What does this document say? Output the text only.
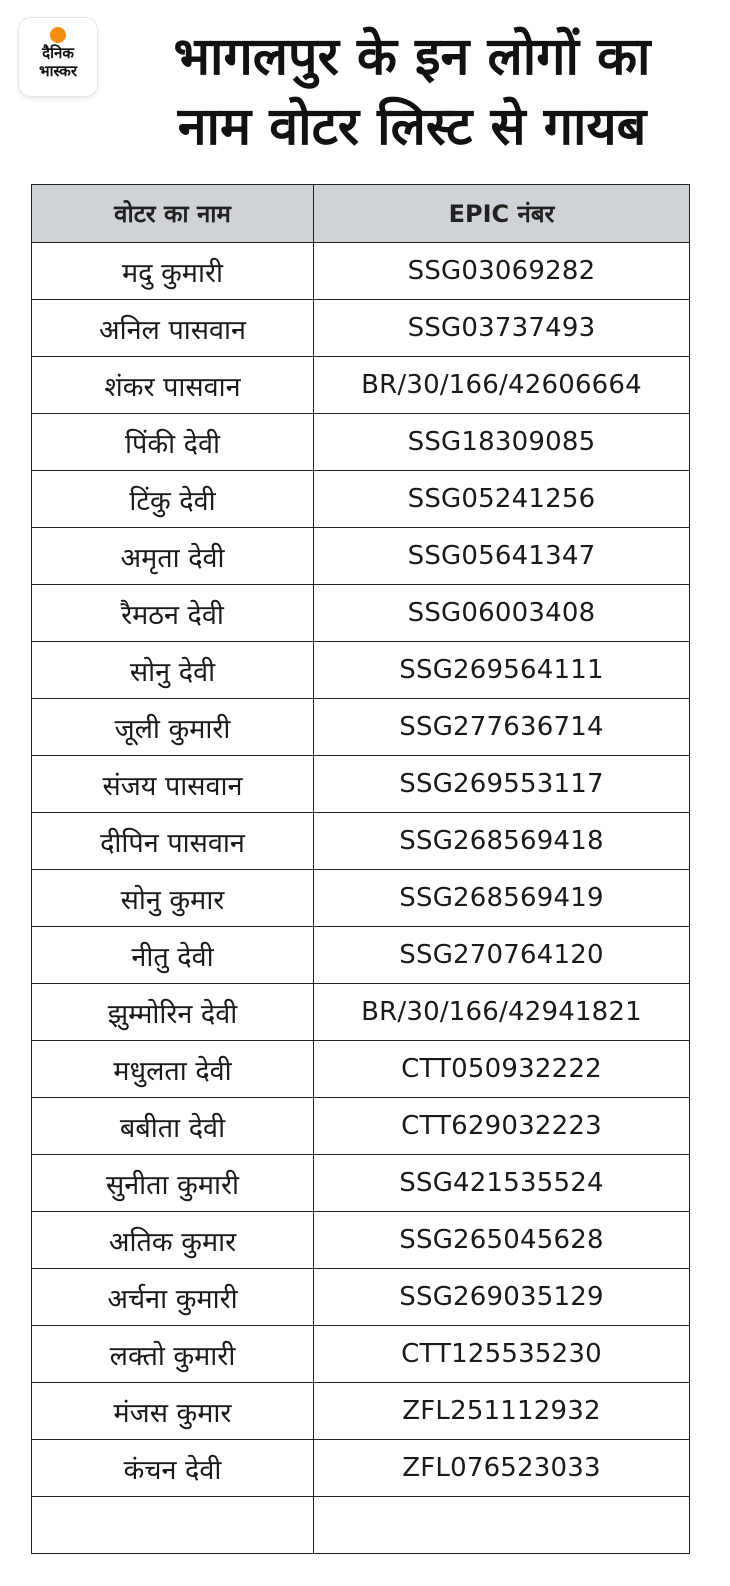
दैनिक
भास्कर	भागलपुर के इन लोगों का
नाम वोटर लिस्ट से गायब
वोटर का नाम	EPIC नंबर
मदु कुमारी	SSG03069282
अनिल पासवान	SSG03737493
शंकर पासवान	BR/30/166/42606664
पिंकी देवी	SSG18309085
टिंकु देवी	SSG05241256
अमृता देवी	SSG05641347
रैमठन देवी	SSG06003408
सोनु देवी	SSG269564111
जूली कुमारी	SSG277636714
संजय पासवान	SSG269553117
दीपिन पासवान	SSG268569418
सोनु कुमार	SSG268569419
नीतु देवी	SSG270764120
झुम्मोरिन देवी	BR/30/166/42941821
मधुलता देवी	CTT050932222
बबीता देवी	CTT629032223
सुनीता कुमारी	SSG421535524
अतिक कुमार	SSG265045628
अर्चना कुमारी	SSG269035129
लक्तो कुमारी	CTT125535230
मंजस कुमार	ZFL251112932
कंचन देवी	ZFL076523033
